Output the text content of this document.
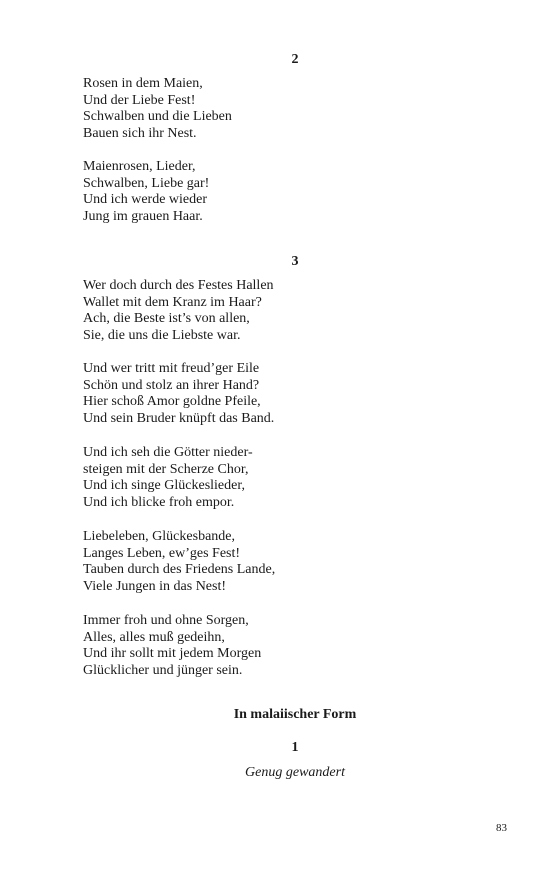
2
Rosen in dem Maien,
Und der Liebe Fest!
Schwalben und die Lieben
Bauen sich ihr Nest.
Maienrosen, Lieder,
Schwalben, Liebe gar!
Und ich werde wieder
Jung im grauen Haar.
3
Wer doch durch des Festes Hallen
Wallet mit dem Kranz im Haar?
Ach, die Beste ist’s von allen,
Sie, die uns die Liebste war.
Und wer tritt mit freud’ger Eile
Schön und stolz an ihrer Hand?
Hier schoß Amor goldne Pfeile,
Und sein Bruder knüpft das Band.
Und ich seh die Götter nieder-
steigen mit der Scherze Chor,
Und ich singe Glückeslieder,
Und ich blicke froh empor.
Liebeleben, Glückesbande,
Langes Leben, ew’ges Fest!
Tauben durch des Friedens Lande,
Viele Jungen in das Nest!
Immer froh und ohne Sorgen,
Alles, alles muß gedeihn,
Und ihr sollt mit jedem Morgen
Glücklicher und jünger sein.
In malaiischer Form
1
Genug gewandert
83
